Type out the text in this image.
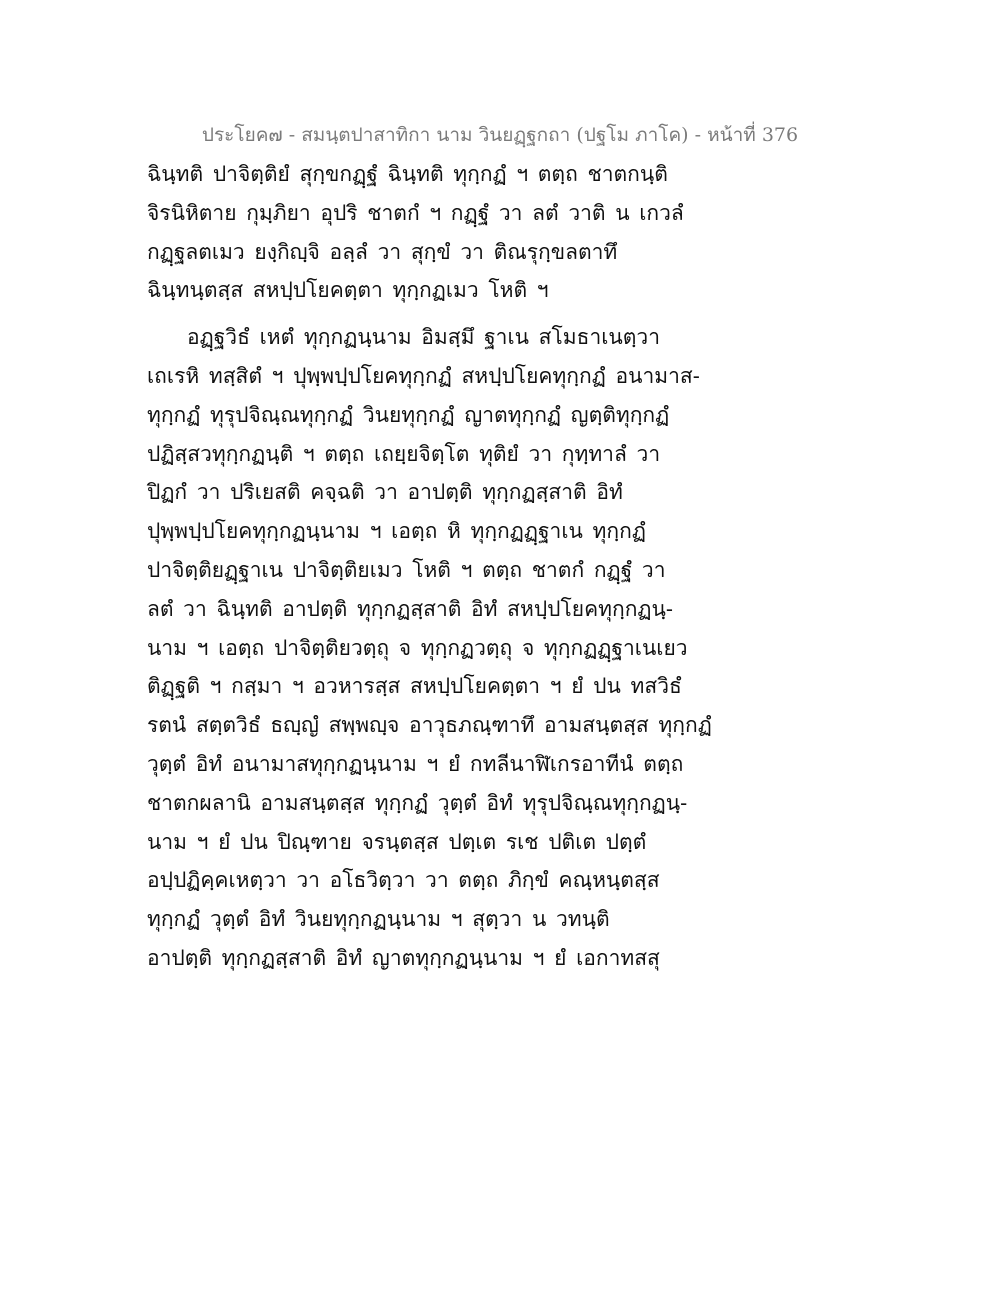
ประโยค๗ - สมนฺตปาสาทิกา นาม วินยฏฺฐกถา (ปฐโม ภาโค) - หน้าที่ 376
ฉินฺทติ ปาจิตฺติยํ สุกฺขกฏฺฐํ ฉินฺทติ ทุกฺกฏํ ฯ ตตฺถ ชาตกนฺติ
จิรนิหิตาย กุมฺภิยา อุปริ ชาตกํ ฯ กฏฺฐํ วา ลตํ วาติ น เกวลํ
กฏฺฐลตเมว ยงฺกิญฺจิ อลฺลํ วา สุกฺขํ วา ติณรุกฺขลตาทึ
ฉินฺทนฺตสฺส สหปฺปโยคตฺตา ทุกฺกฏเมว โหติ ฯ
อฏฺฐวิธํ เหตํ ทุกฺกฏนฺนาม อิมสฺมึ ฐาเน สโมธาเนตฺวา
เถเรหิ ทสฺสิตํ ฯ ปุพฺพปฺปโยคทุกฺกฏํ สหปฺปโยคทุกฺกฏํ อนามาส-
ทุกฺกฏํ ทุรุปจิณฺณทุกฺกฏํ วินยทุกฺกฏํ ญาตทุกฺกฏํ ญตฺติทุกฺกฏํ
ปฏิสฺสวทุกฺกฏนฺติ ฯ ตตฺถ เถยฺยจิตฺโต ทุติยํ วา กุทฺทาลํ วา
ปิฏกํ วา ปริเยสติ คจฺฉติ วา อาปตฺติ ทุกฺกฏสฺสาติ อิทํ
ปุพฺพปฺปโยคทุกฺกฏนฺนาม ฯ เอตฺถ หิ ทุกฺกฏฏฺฐาเน ทุกฺกฏํ
ปาจิตฺติยฏฺฐาเน ปาจิตฺติยเมว โหติ ฯ ตตฺถ ชาตกํ กฏฺฐํ วา
ลตํ วา ฉินฺทติ อาปตฺติ ทุกฺกฏสฺสาติ อิทํ สหปฺปโยคทุกฺกฏนฺ-
นาม ฯ เอตฺถ ปาจิตฺติยวตฺถุ จ ทุกฺกฏวตฺถุ จ ทุกฺกฏฏฺฐาเนเยว
ติฏฺฐติ ฯ กสฺมา ฯ อวหารสฺส สหปฺปโยคตฺตา ฯ ยํ ปน ทสวิธํ
รตนํ สตฺตวิธํ ธญฺญํ สพฺพญฺจ อาวุธภณฺฑาทึ อามสนฺตสฺส ทุกฺกฏํ
วุตฺตํ อิทํ อนามาสทุกฺกฏนฺนาม ฯ ยํ กทลีนาฬิเกรอาทีนํ ตตฺถ
ชาตกผลานิ อามสนฺตสฺส ทุกฺกฏํ วุตฺตํ อิทํ ทุรุปจิณฺณทุกฺกฏนฺ-
นาม ฯ ยํ ปน ปิณฺฑาย จรนฺตสฺส ปตฺเต รเช ปติเต ปตฺตํ
อปฺปฏิคฺคเหตฺวา วา อโธวิตฺวา วา ตตฺถ ภิกฺขํ คณฺหนฺตสฺส
ทุกฺกฏํ วุตฺตํ อิทํ วินยทุกฺกฏนฺนาม ฯ สุตฺวา น วทนฺติ
อาปตฺติ ทุกฺกฏสฺสาติ อิทํ ญาตทุกฺกฏนฺนาม ฯ ยํ เอกาทสสุ
